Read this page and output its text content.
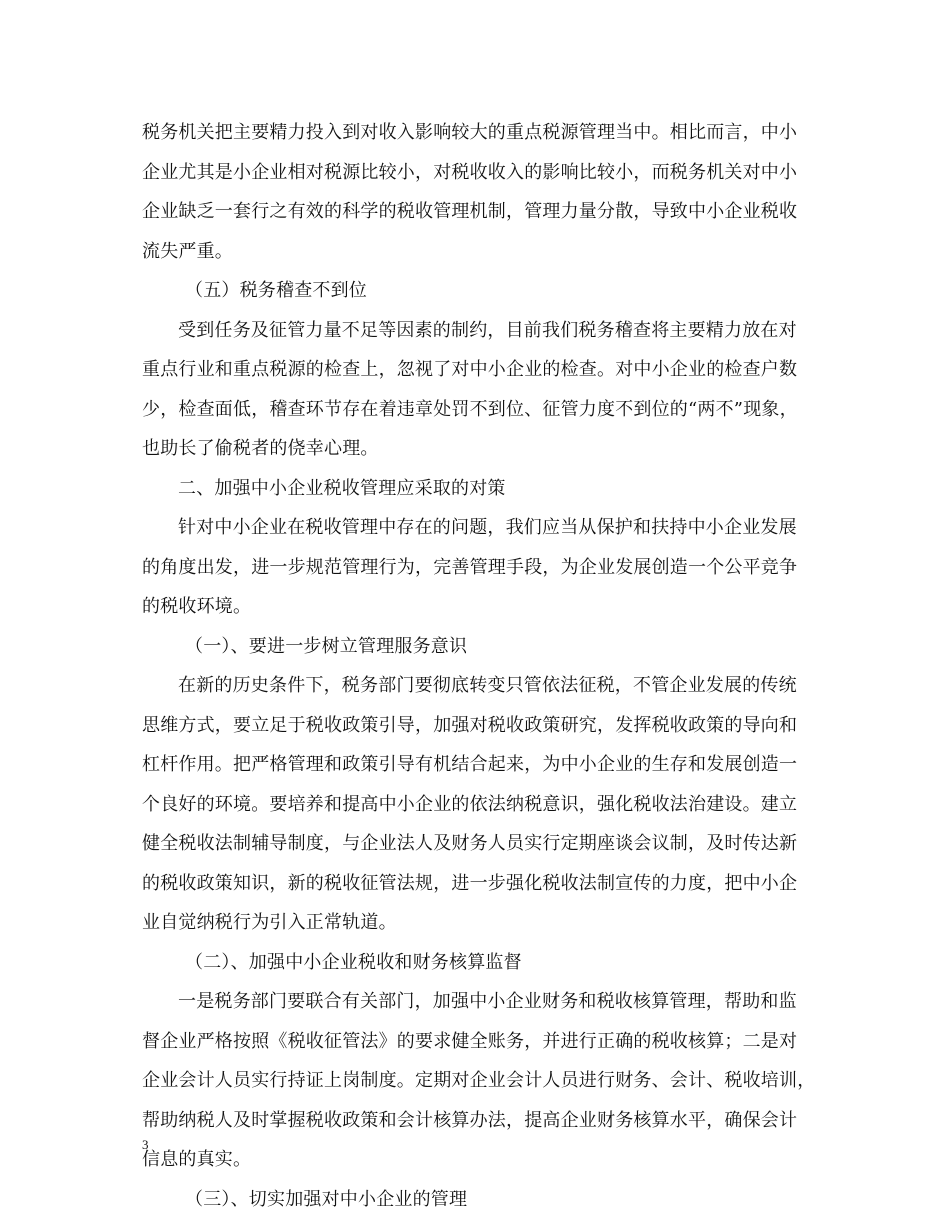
税务机关把主要精力投入到对收入影响较大的重点税源管理当中。相比而言，中小
企业尤其是小企业相对税源比较小，对税收收入的影响比较小，而税务机关对中小
企业缺乏一套行之有效的科学的税收管理机制，管理力量分散，导致中小企业税收
流失严重。
（五）税务稽查不到位
受到任务及征管力量不足等因素的制约，目前我们税务稽查将主要精力放在对
重点行业和重点税源的检查上，忽视了对中小企业的检查。对中小企业的检查户数
少，检查面低，稽查环节存在着违章处罚不到位、征管力度不到位的“两不”现象，
也助长了偷税者的侥幸心理。
二、加强中小企业税收管理应采取的对策
针对中小企业在税收管理中存在的问题，我们应当从保护和扶持中小企业发展
的角度出发，进一步规范管理行为，完善管理手段，为企业发展创造一个公平竞争
的税收环境。
（一）、要进一步树立管理服务意识
在新的历史条件下，税务部门要彻底转变只管依法征税，不管企业发展的传统
思维方式，要立足于税收政策引导，加强对税收政策研究，发挥税收政策的导向和
杠杆作用。把严格管理和政策引导有机结合起来，为中小企业的生存和发展创造一
个良好的环境。要培养和提高中小企业的依法纳税意识，强化税收法治建设。建立
健全税收法制辅导制度，与企业法人及财务人员实行定期座谈会议制，及时传达新
的税收政策知识，新的税收征管法规，进一步强化税收法制宣传的力度，把中小企
业自觉纳税行为引入正常轨道。
（二）、加强中小企业税收和财务核算监督
一是税务部门要联合有关部门，加强中小企业财务和税收核算管理，帮助和监
督企业严格按照《税收征管法》的要求健全账务，并进行正确的税收核算；二是对
企业会计人员实行持证上岗制度。定期对企业会计人员进行财务、会计、税收培训，
帮助纳税人及时掌握税收政策和会计核算办法，提高企业财务核算水平，确保会计
信息的真实。
（三）、切实加强对中小企业的管理
3
